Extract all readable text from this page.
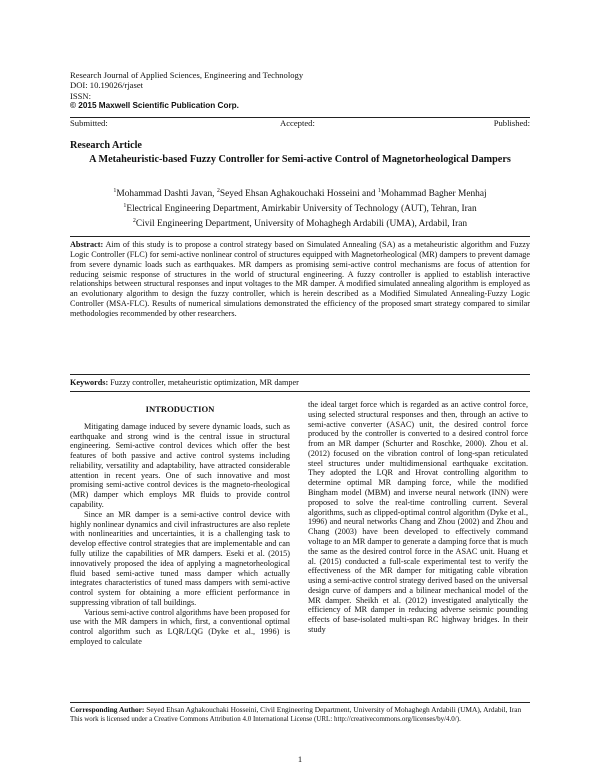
Research Journal of Applied Sciences, Engineering and Technology
DOI: 10.19026/rjaset
ISSN:
© 2015 Maxwell Scientific Publication Corp.
Submitted:	Accepted:	Published:
Research Article
A Metaheuristic-based Fuzzy Controller for Semi-active Control of Magnetorheological Dampers
$^1$Mohammad Dashti Javan, $^2$Seyed Ehsan Aghakouchaki Hosseini and $^1$Mohammad Bagher Menhaj
$^1$Electrical Engineering Department, Amirkabir University of Technology (AUT), Tehran, Iran
$^2$Civil Engineering Department, University of Mohaghegh Ardabili (UMA), Ardabil, Iran
Abstract: Aim of this study is to propose a control strategy based on Simulated Annealing (SA) as a metaheuristic algorithm and Fuzzy Logic Controller (FLC) for semi-active nonlinear control of structures equipped with Magnetorheological (MR) dampers to prevent damage from severe dynamic loads such as earthquakes. MR dampers as promising semi-active control mechanisms are focus of attention for reducing seismic response of structures in the world of structural engineering. A fuzzy controller is applied to establish interactive relationships between structural responses and input voltages to the MR damper. A modified simulated annealing algorithm is employed as an evolutionary algorithm to design the fuzzy controller, which is herein described as a Modified Simulated Annealing-Fuzzy Logic Controller (MSA-FLC). Results of numerical simulations demonstrated the efficiency of the proposed smart strategy compared to similar methodologies recommended by other researchers.
Keywords: Fuzzy controller, metaheuristic optimization, MR damper
INTRODUCTION

Mitigating damage induced by severe dynamic loads, such as earthquake and strong wind is the central issue in structural engineering. Semi-active control devices which offer the best features of both passive and active control systems including reliability, versatility and adaptability, have attracted considerable attention in recent years. One of such innovative and most promising semi-active control devices is the magneto-rheological (MR) damper which employs MR fluids to provide control capability.

Since an MR damper is a semi-active control device with highly nonlinear dynamics and civil infrastructures are also replete with nonlinearities and uncertainties, it is a challenging task to develop effective control strategies that are implementable and can fully utilize the capabilities of MR dampers. Eseki et al. (2015) innovatively proposed the idea of applying a magnetorheological fluid based semi-active tuned mass damper which actually integrates characteristics of tuned mass dampers with semi-active control system for obtaining a more efficient performance in suppressing vibration of tall buildings.

Various semi-active control algorithms have been proposed for use with the MR dampers in which, first, a conventional optimal control algorithm such as LQR/LQG (Dyke et al., 1996) is employed to calculate

the ideal target force which is regarded as an active control force, using selected structural responses and then, through an active to semi-active converter (ASAC) unit, the desired control force produced by the controller is converted to a desired control force from an MR damper (Schurter and Roschke, 2000). Zhou et al. (2012) focused on the vibration control of long-span reticulated steel structures under multidimensional earthquake excitation. They adopted the LQR and Hrovat controlling algorithm to determine optimal MR damping force, while the modified Bingham model (MBM) and inverse neural network (INN) were proposed to solve the real-time controlling current. Several algorithms, such as clipped-optimal control algorithm (Dyke et al., 1996) and neural networks Chang and Zhou (2002) and Zhou and Chang (2003) have been developed to effectively command voltage to an MR damper to generate a damping force that is much the same as the desired control force in the ASAC unit. Huang et al. (2015) conducted a full-scale experimental test to verify the effectiveness of the MR damper for mitigating cable vibration using a semi-active control strategy derived based on the universal design curve of dampers and a bilinear mechanical model of the MR damper. Sheikh et al. (2012) investigated analytically the efficiency of MR damper in reducing adverse seismic pounding effects of base-isolated multi-span RC highway bridges. In their study

Corresponding Author: Seyed Ehsan Aghakouchaki Hosseini, Civil Engineering Department, University of Mohaghegh Ardabili (UMA), Ardabil, Iran
This work is licensed under a Creative Commons Attribution 4.0 International License (URL: http://creativecommons.org/licenses/by/4.0/).
1
